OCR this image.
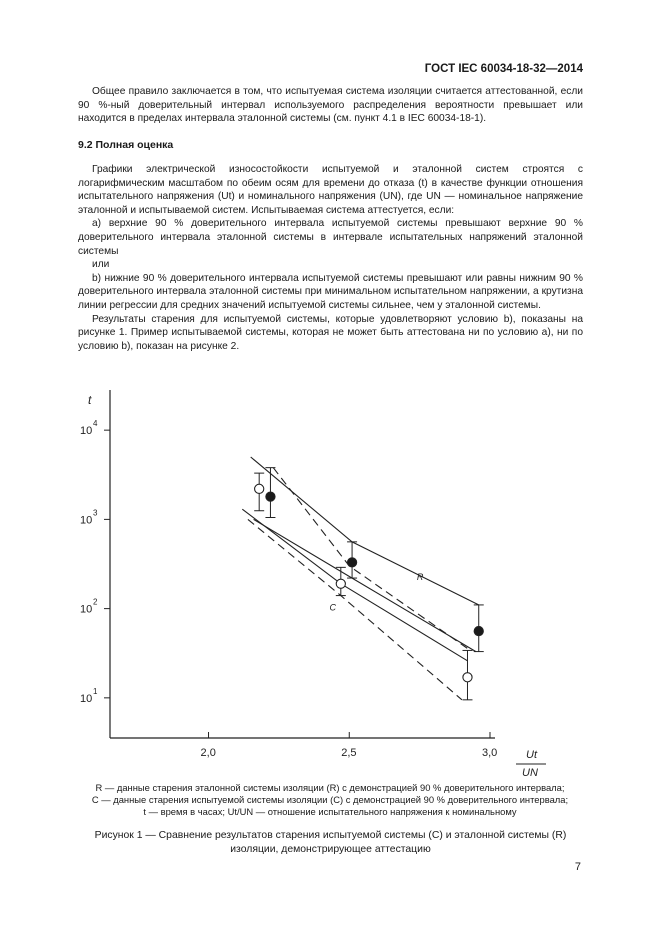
ГОСТ IEC 60034-18-32—2014
Общее правило заключается в том, что испытуемая система изоляции считается аттестованной, если 90 %-ный доверительный интервал используемого распределения вероятности превышает или находится в пределах интервала эталонной системы (см. пункт 4.1 в IEC 60034-18-1).
9.2 Полная оценка
Графики электрической износостойкости испытуемой и эталонной систем строятся с логарифмическим масштабом по обеим осям для времени до отказа (t) в качестве функции отношения испытательного напряжения (Ut) и номинального напряжения (UN), где UN — номинальное напряжение эталонной и испытываемой систем. Испытываемая система аттестуется, если:
а) верхние 90 % доверительного интервала испытуемой системы превышают верхние 90 % доверительного интервала эталонной системы в интервале испытательных напряжений эталонной системы
или
b) нижние 90 % доверительного интервала испытуемой системы превышают или равны нижним 90 % доверительного интервала эталонной системы при минимальном испытательном напряжении, а крутизна линии регрессии для средних значений испытуемой системы сильнее, чем у эталонной системы.
Результаты старения для испытуемой системы, которые удовлетворяют условию b), показаны на рисунке 1. Пример испытываемой системы, которая не может быть аттестована ни по условию а), ни по условию b), показан на рисунке 2.
t
10
4
10
3
10
2
10
1
2,0	2,5	3,0	Ut
UN
R
C
R — данные старения эталонной системы изоляции (R) с демонстрацией 90 % доверительного интервала;
С — данные старения испытуемой системы изоляции (С) с демонстрацией 90 % доверительного интервала;
t — время в часах; Ut/UN — отношение испытательного напряжения к номинальному
Рисунок 1 — Сравнение результатов старения испытуемой системы (С) и эталонной системы (R) изоляции, демонстрирующее аттестацию
7
